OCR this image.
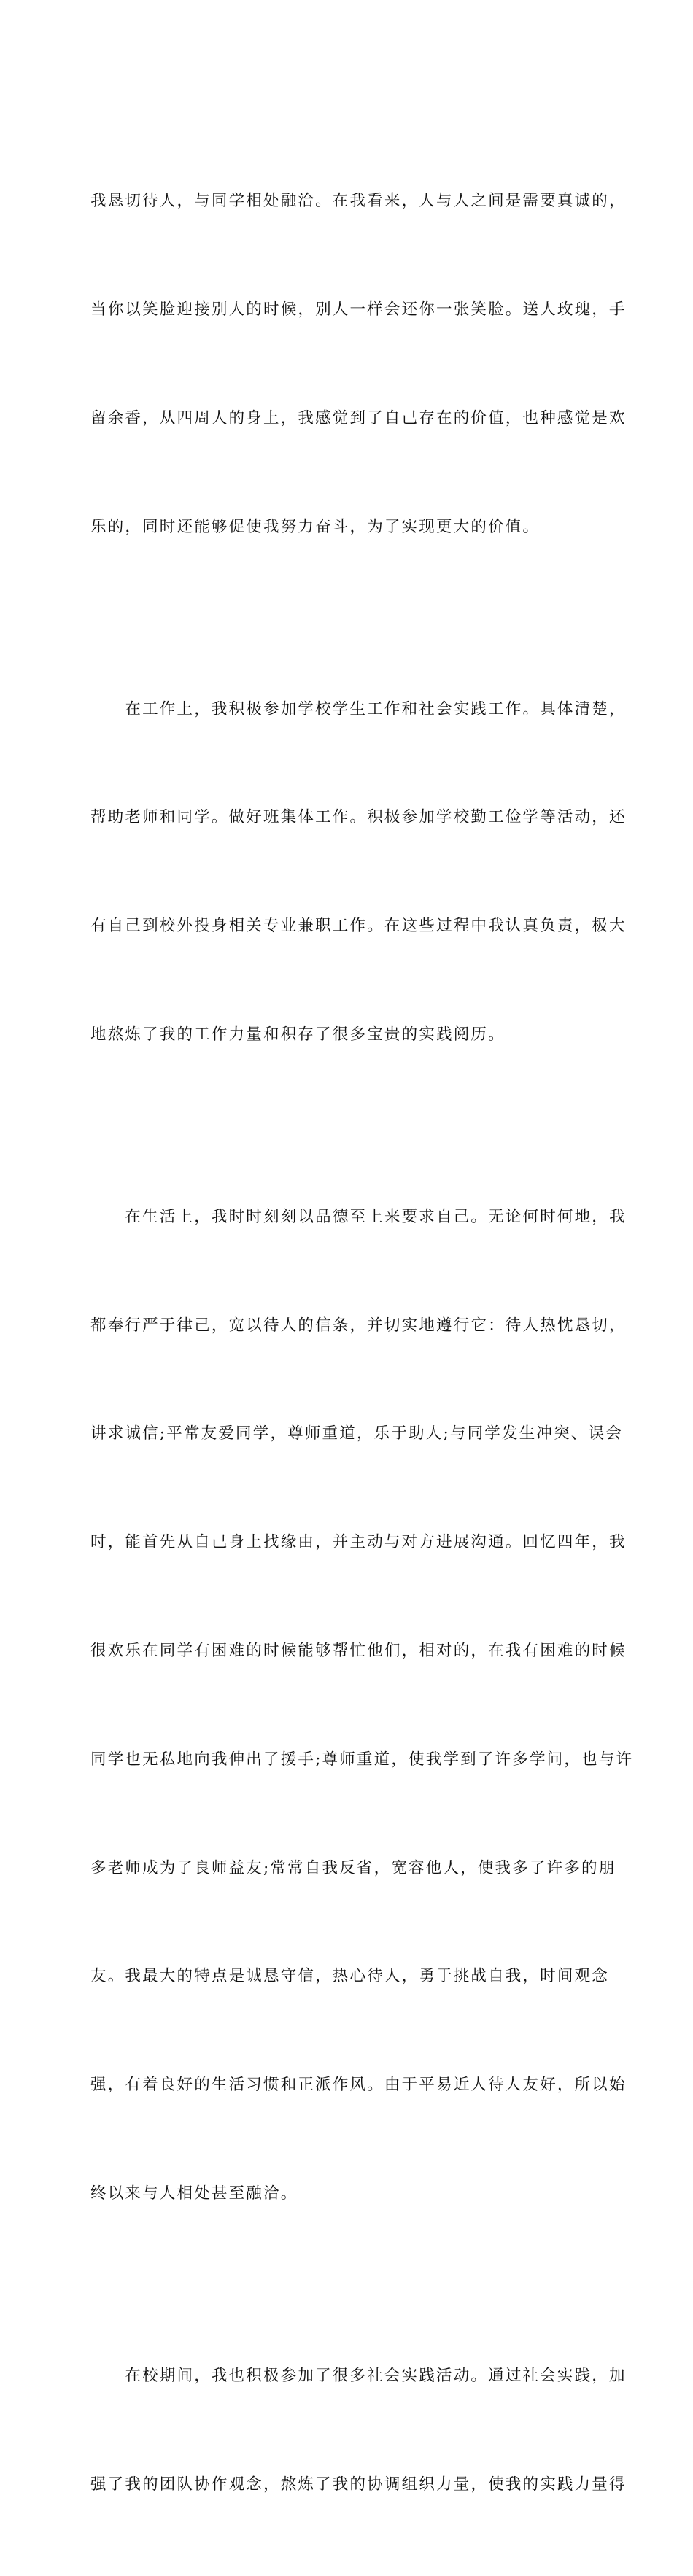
我恳切待人，与同学相处融洽。在我看来，人与人之间是需要真诚的，

当你以笑脸迎接别人的时候，别人一样会还你一张笑脸。送人玫瑰，手

留余香，从四周人的身上，我感觉到了自己存在的价值，也种感觉是欢

乐的，同时还能够促使我努力奋斗，为了实现更大的价值。

　　在工作上，我积极参加学校学生工作和社会实践工作。具体清楚，

帮助老师和同学。做好班集体工作。积极参加学校勤工俭学等活动，还

有自己到校外投身相关专业兼职工作。在这些过程中我认真负责，极大

地熬炼了我的工作力量和积存了很多宝贵的实践阅历。

　　在生活上，我时时刻刻以品德至上来要求自己。无论何时何地，我

都奉行严于律己，宽以待人的信条，并切实地遵行它：待人热忱恳切，

讲求诚信;平常友爱同学，尊师重道，乐于助人;与同学发生冲突、误会

时，能首先从自己身上找缘由，并主动与对方进展沟通。回忆四年，我

很欢乐在同学有困难的时候能够帮忙他们，相对的，在我有困难的时候

同学也无私地向我伸出了援手;尊师重道，使我学到了许多学问，也与许

多老师成为了良师益友;常常自我反省，宽容他人，使我多了许多的朋

友。我最大的特点是诚恳守信，热心待人，勇于挑战自我，时间观念

强，有着良好的生活习惯和正派作风。由于平易近人待人友好，所以始

终以来与人相处甚至融洽。

　　在校期间，我也积极参加了很多社会实践活动。通过社会实践，加

强了我的团队协作观念，熬炼了我的协调组织力量，使我的实践力量得
